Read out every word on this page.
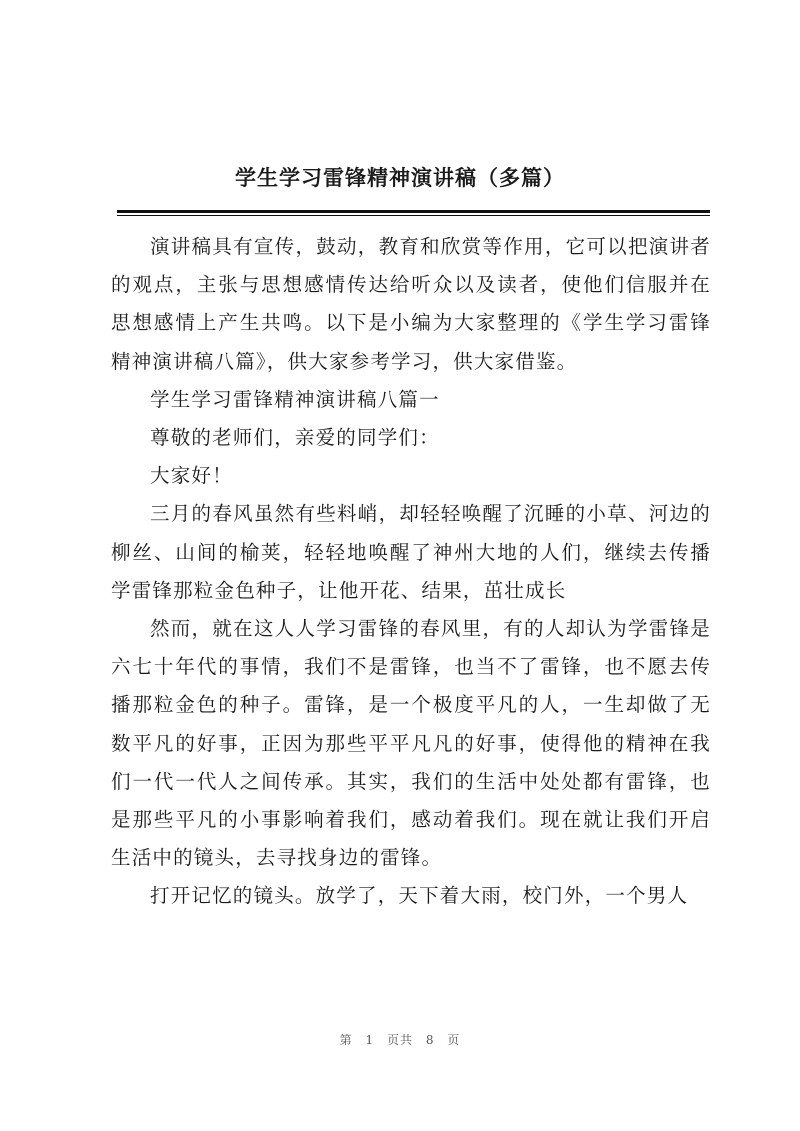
学生学习雷锋精神演讲稿（多篇）

演讲稿具有宣传，鼓动，教育和欣赏等作用，它可以把演讲者的观点，主张与思想感情传达给听众以及读者，使他们信服并在思想感情上产生共鸣。以下是小编为大家整理的《学生学习雷锋精神演讲稿八篇》，供大家参考学习，供大家借鉴。

学生学习雷锋精神演讲稿八篇一

尊敬的老师们，亲爱的同学们：

大家好！

三月的春风虽然有些料峭，却轻轻唤醒了沉睡的小草、河边的柳丝、山间的榆荚，轻轻地唤醒了神州大地的人们，继续去传播学雷锋那粒金色种子，让他开花、结果，茁壮成长

然而，就在这人人学习雷锋的春风里，有的人却认为学雷锋是六七十年代的事情，我们不是雷锋，也当不了雷锋，也不愿去传播那粒金色的种子。雷锋，是一个极度平凡的人，一生却做了无数平凡的好事，正因为那些平平凡凡的好事，使得他的精神在我们一代一代人之间传承。其实，我们的生活中处处都有雷锋，也是那些平凡的小事影响着我们，感动着我们。现在就让我们开启生活中的镜头，去寻找身边的雷锋。

打开记忆的镜头。放学了，天下着大雨，校门外，一个男人

第 1 页共 8 页
